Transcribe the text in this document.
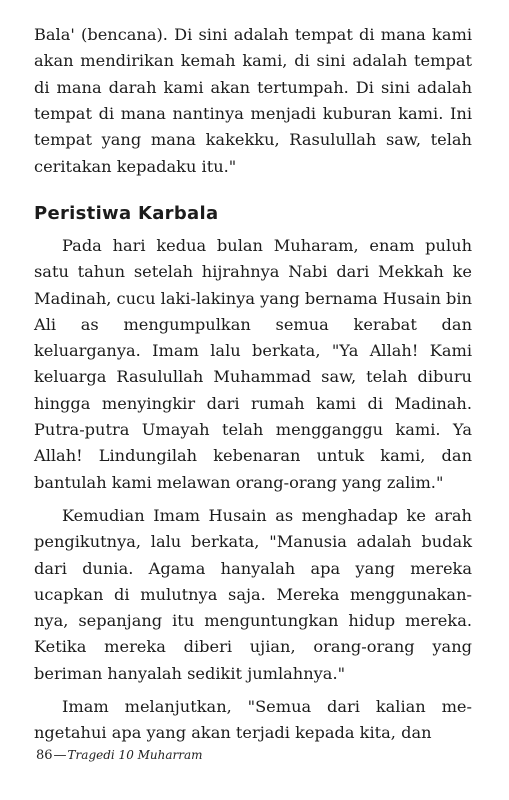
Bala' (bencana). Di sini adalah tempat di mana kami akan mendirikan kemah kami, di sini adalah tempat di mana darah kami akan tertumpah. Di sini adalah tempat di mana nantinya menjadi kuburan kami. Ini tempat yang mana kakekku, Rasulullah saw, telah ceritakan kepadaku itu."

Peristiwa Karbala

Pada hari kedua bulan Muharam, enam puluh satu tahun setelah hijrahnya Nabi dari Mekkah ke Madinah, cucu laki-lakinya yang bernama Husain bin Ali as mengumpulkan semua kerabat dan keluarganya. Imam lalu berkata, "Ya Allah! Kami keluarga Rasulullah Muhammad saw, telah diburu hingga menyingkir dari rumah kami di Madinah. Putra-putra Umayah telah mengganggu kami. Ya Allah! Lindungilah kebenaran untuk kami, dan bantulah kami melawan orang-orang yang zalim."

Kemudian Imam Husain as menghadap ke arah pengikutnya, lalu berkata, "Manusia adalah budak dari dunia. Agama hanyalah apa yang mereka ucapkan di mulutnya saja. Mereka menggunakannya, sepanjang itu menguntungkan hidup mereka. Ketika mereka diberi ujian, orang-orang yang beriman hanyalah sedikit jumlahnya."

Imam melanjutkan, "Semua dari kalian mengetahui apa yang akan terjadi kepada kita, dan

86—Tragedi 10 Muharram
